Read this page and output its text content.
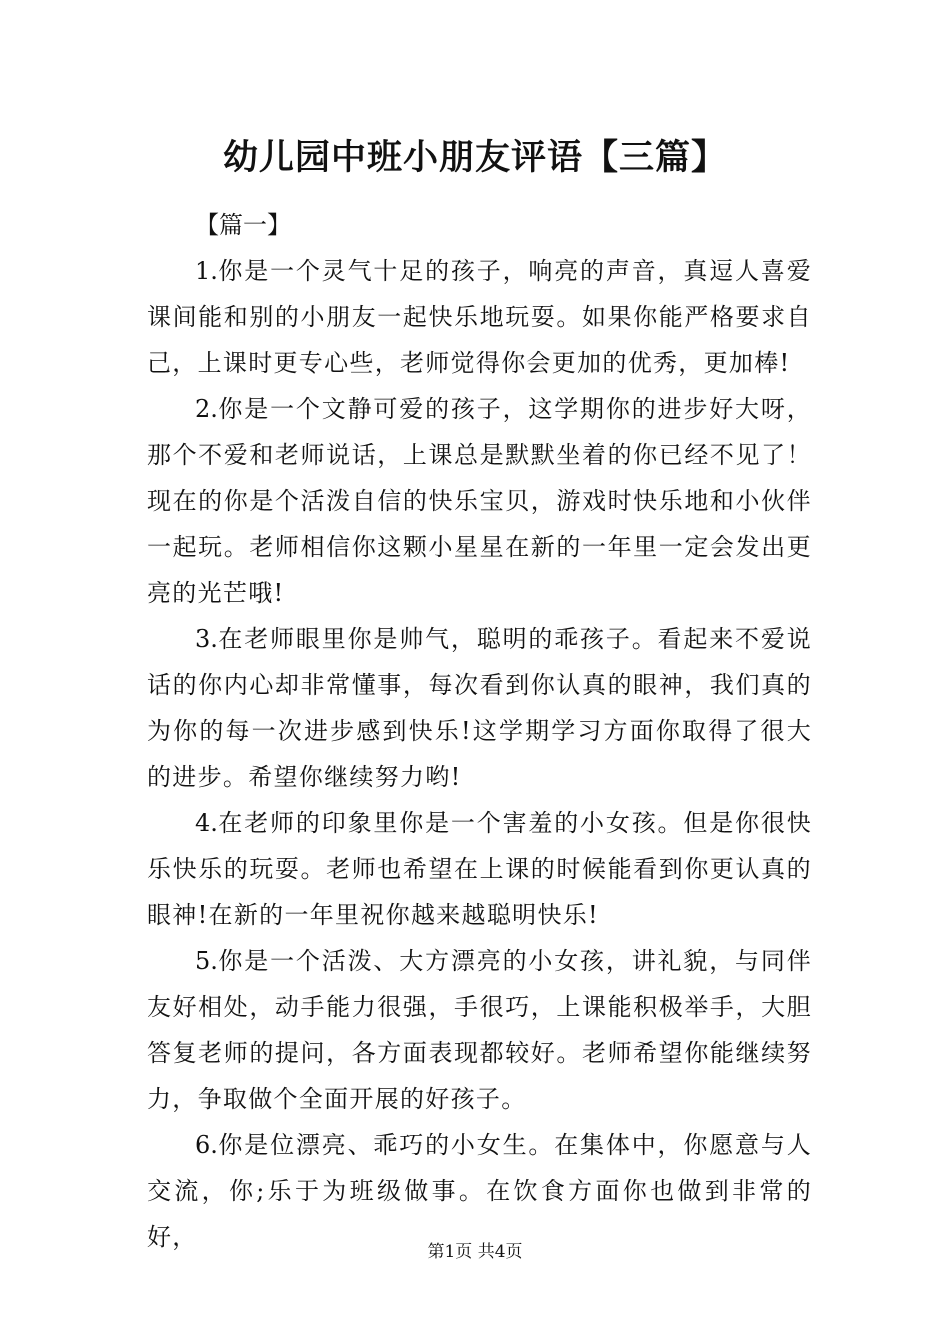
幼儿园中班小朋友评语【三篇】

【篇一】

1.你是一个灵气十足的孩子，响亮的声音，真逗人喜爱课间能和别的小朋友一起快乐地玩耍。如果你能严格要求自己，上课时更专心些，老师觉得你会更加的优秀，更加棒!

2.你是一个文静可爱的孩子，这学期你的进步好大呀，那个不爱和老师说话，上课总是默默坐着的你已经不见了！现在的你是个活泼自信的快乐宝贝，游戏时快乐地和小伙伴一起玩。老师相信你这颗小星星在新的一年里一定会发出更亮的光芒哦!

3.在老师眼里你是帅气，聪明的乖孩子。看起来不爱说话的你内心却非常懂事，每次看到你认真的眼神，我们真的为你的每一次进步感到快乐!这学期学习方面你取得了很大的进步。希望你继续努力哟!

4.在老师的印象里你是一个害羞的小女孩。但是你很快乐快乐的玩耍。老师也希望在上课的时候能看到你更认真的眼神!在新的一年里祝你越来越聪明快乐!

5.你是一个活泼、大方漂亮的小女孩，讲礼貌，与同伴友好相处，动手能力很强，手很巧，上课能积极举手，大胆答复老师的提问，各方面表现都较好。老师希望你能继续努力，争取做个全面开展的好孩子。

6.你是位漂亮、乖巧的小女生。在集体中，你愿意与人交流，你;乐于为班级做事。在饮食方面你也做到非常的好，

第1页 共4页
